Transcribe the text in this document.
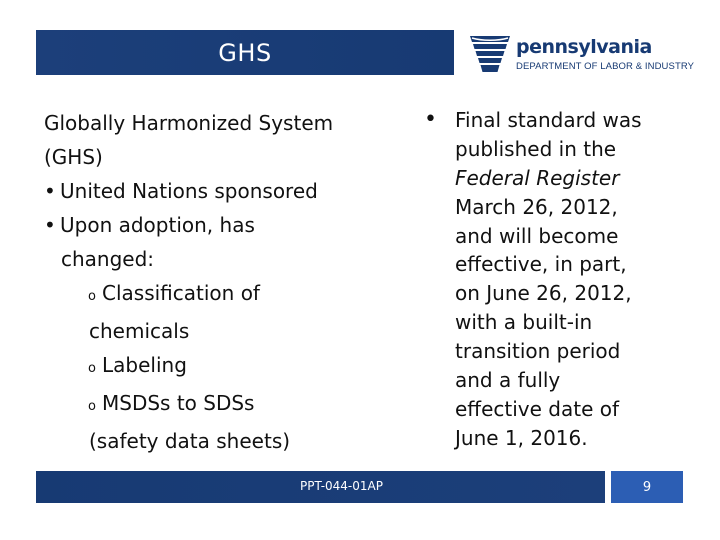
GHS	pennsylvania
DEPARTMENT OF LABOR & INDUSTRY
Globally Harmonized System
(GHS)
• United Nations sponsored
• Upon adoption, has
changed:
o Classification of
chemicals
o Labeling
o MSDSs to SDSs
(safety data sheets)
• Final standard was
published in the
Federal Register
March 26, 2012,
and will become
effective, in part,
on June 26, 2012,
with a built-in
transition period
and a fully
effective date of
June 1, 2016.
PPT-044-01AP	9
